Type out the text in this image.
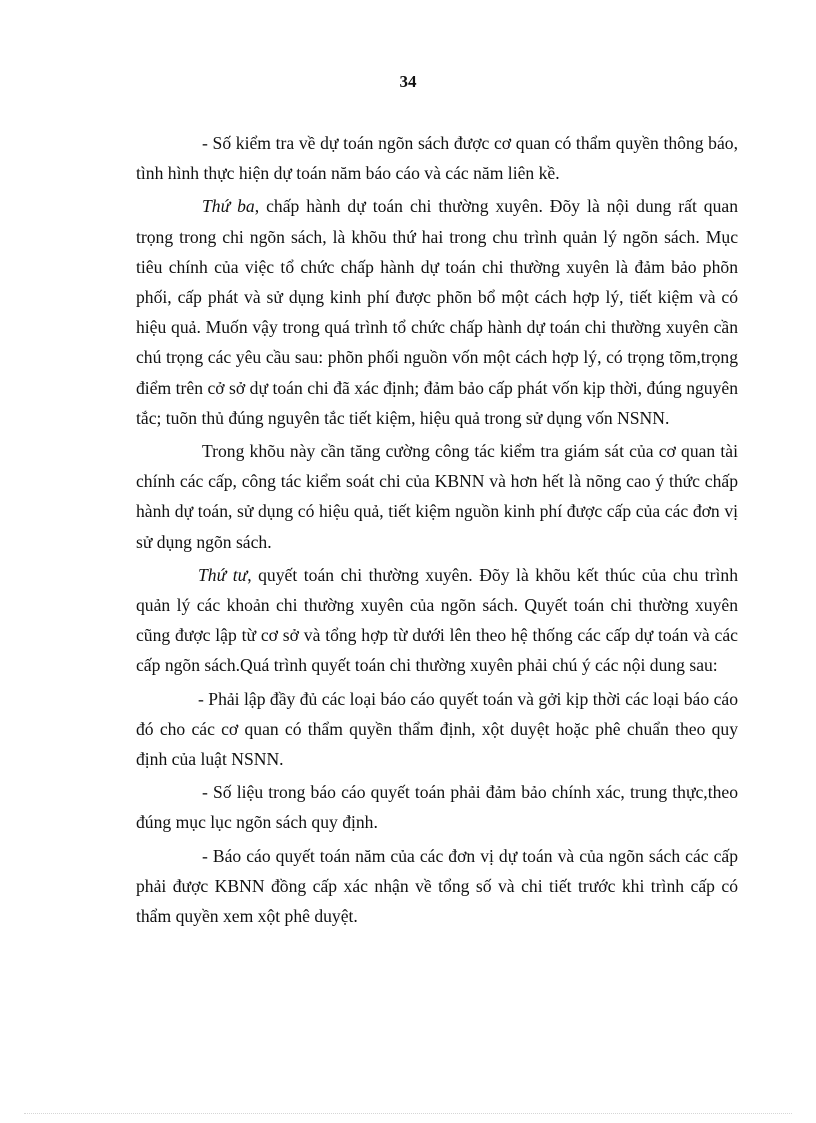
34

- Số kiểm tra về dự toán ngõn sách được cơ quan có thẩm quyền thông báo, tình hình thực hiện dự toán năm báo cáo và các năm liên kề.

Thứ ba, chấp hành dự toán chi thường xuyên. Đõy là nội dung rất quan trọng trong chi ngõn sách, là khõu thứ hai trong chu trình quản lý ngõn sách. Mục tiêu chính của việc tổ chức chấp hành dự toán chi thường xuyên là đảm bảo phõn phối, cấp phát và sử dụng kinh phí được phõn bổ một cách hợp lý, tiết kiệm và có hiệu quả. Muốn vậy trong quá trình tổ chức chấp hành dự toán chi thường xuyên cần chú trọng các yêu cầu sau: phõn phối nguồn vốn một cách hợp lý, có trọng tõm,trọng điểm trên cở sở dự toán chi đã xác định; đảm bảo cấp phát vốn kịp thời, đúng nguyên tắc; tuõn thủ đúng nguyên tắc tiết kiệm, hiệu quả trong sử dụng vốn NSNN.

Trong khõu này cần tăng cường công tác kiểm tra giám sát của cơ quan tài chính các cấp, công tác kiểm soát chi của KBNN và hơn hết là nõng cao ý thức chấp hành dự toán, sử dụng có hiệu quả, tiết kiệm nguồn kinh phí được cấp của các đơn vị sử dụng ngõn sách.

Thứ tư, quyết toán chi thường xuyên. Đõy là khõu kết thúc của chu trình quản lý các khoản chi thường xuyên của ngõn sách. Quyết toán chi thường xuyên cũng được lập từ cơ sở và tổng hợp từ dưới lên theo hệ thống các cấp dự toán và các cấp ngõn sách.Quá trình quyết toán chi thường xuyên phải chú ý các nội dung sau:

- Phải lập đầy đủ các loại báo cáo quyết toán và gởi kịp thời các loại báo cáo đó cho các cơ quan có thẩm quyền thẩm định, xột duyệt hoặc phê chuẩn theo quy định của luật NSNN.

- Số liệu trong báo cáo quyết toán phải đảm bảo chính xác, trung thực,theo đúng mục lục ngõn sách quy định.

- Báo cáo quyết toán năm của các đơn vị dự toán và của ngõn sách các cấp phải được KBNN đồng cấp xác nhận về tổng số và chi tiết trước khi trình cấp có thẩm quyền xem xột phê duyệt.
